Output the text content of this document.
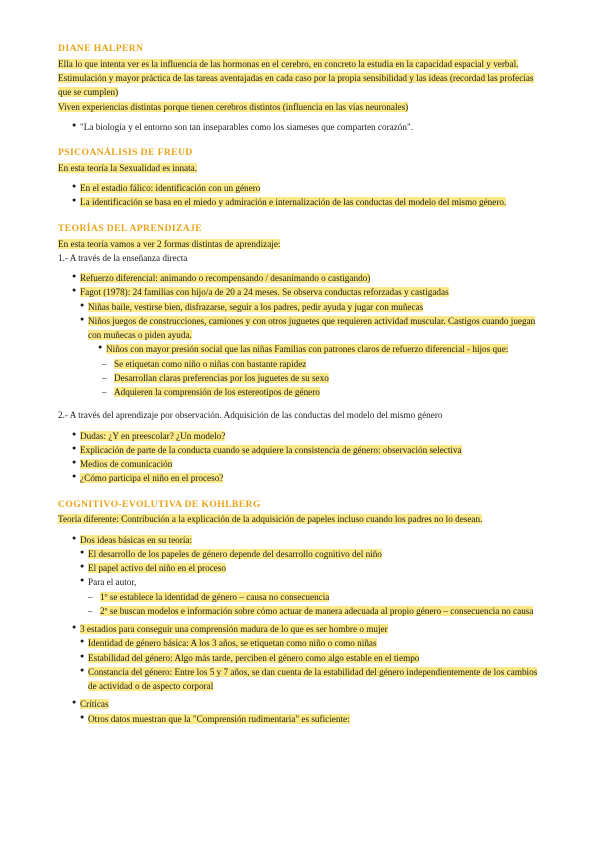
DIANE HALPERN

Ella lo que intenta ver es la influencia de las hormonas en el cerebro, en concreto la estudia en la capacidad espacial y verbal.

Estimulación y mayor práctica de las tareas aventajadas en cada caso por la propia sensibilidad y las ideas (recordad las profecías que se cumplen)

Viven experiencias distintas porque tienen cerebros distintos (influencia en las vías neuronales)

● "La biología y el entorno son tan inseparables como los siameses que comparten corazón".
PSICOANÁLISIS DE FREUD

En esta teoría la Sexualidad es innata.

● En el estadio fálico: identificación con un género
● La identificación se basa en el miedo y admiración e internalización de las conductas del modelo del mismo género.
TEORÍAS DEL APRENDIZAJE

En esta teoría vamos a ver 2 formas distintas de aprendizaje:

1.- A través de la enseñanza directa

● Refuerzo diferencial: animando o recompensando / desanimando o castigando)
● Fagot (1978): 24 familias con hijo/a de 20 a 24 meses. Se observa conductas reforzadas y castigadas
● Niñas baile, vestirse bien, disfrazarse, seguir a los padres, pedir ayuda y jugar con muñecas
● Niños juegos de construcciones, camiones y con otros juguetes que requieren actividad muscular. Castigos cuando juegan con muñecas o piden ayuda.
● Niños con mayor presión social que las niñas Familias con patrones claros de refuerzo diferencial - hijos que:
– Se etiquetan como niño o niñas con bastante rapidez
– Desarrollan claras preferencias por los juguetes de su sexo
– Adquieren la comprensión de los estereotipos de género

2.- A través del aprendizaje por observación. Adquisición de las conductas del modelo del mismo género

● Dudas: ¿Y en preescolar? ¿Un modelo?
● Explicación de parte de la conducta cuando se adquiere la consistencia de género: observación selectiva
● Medios de comunicación
● ¿Cómo participa el niño en el proceso?
COGNITIVO-EVOLUTIVA DE KOHLBERG

Teoría diferente: Contribución a la explicación de la adquisición de papeles incluso cuando los padres no lo desean.

● Dos ideas básicas en su teoría:
● El desarrollo de los papeles de género depende del desarrollo cognitivo del niño
● El papel activo del niño en el proceso
● Para el autor,
– 1º se establece la identidad de género – causa no consecuencia
– 2º se buscan modelos e información sobre cómo actuar de manera adecuada al propio género – consecuencia no causa
● 3 estadios para conseguir una comprensión madura de lo que es ser hombre o mujer
● Identidad de género básica: A los 3 años, se etiquetan como niño o como niñas
● Estabilidad del género: Algo más tarde, perciben el género como algo estable en el tiempo
● Constancia del género: Entre los 5 y 7 años, se dan cuenta de la estabilidad del género independientemente de los cambios de actividad o de aspecto corporal
● Críticas
● Otros datos muestran que la "Comprensión rudimentaria" es suficiente:
